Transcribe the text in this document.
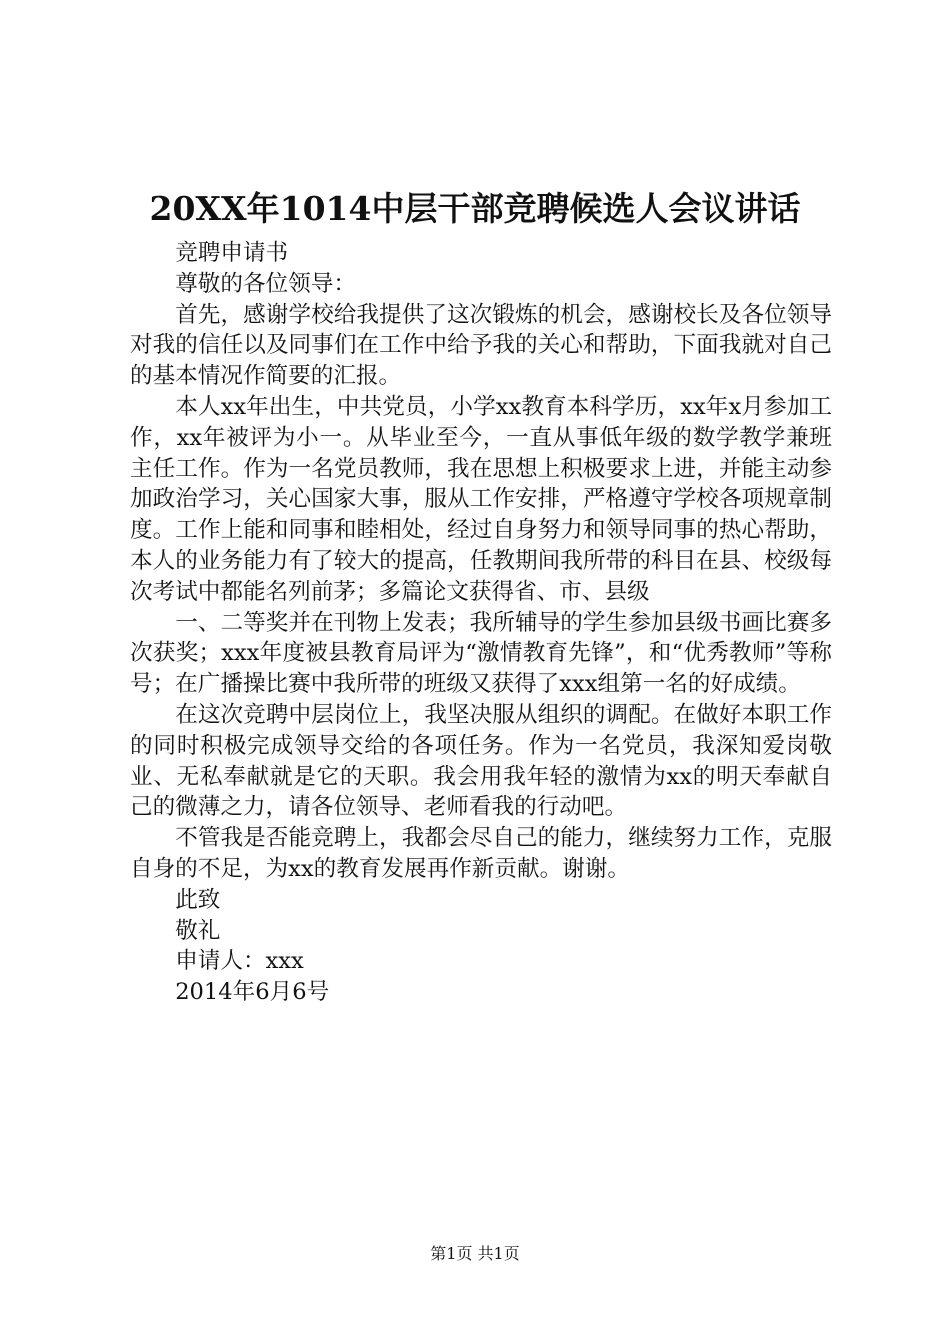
20XX年1014中层干部竞聘候选人会议讲话

竞聘申请书

尊敬的各位领导：

首先，感谢学校给我提供了这次锻炼的机会，感谢校长及各位领导对我的信任以及同事们在工作中给予我的关心和帮助，下面我就对自己的基本情况作简要的汇报。

本人xx年出生，中共党员，小学xx教育本科学历，xx年x月参加工作，xx年被评为小一。从毕业至今，一直从事低年级的数学教学兼班主任工作。作为一名党员教师，我在思想上积极要求上进，并能主动参加政治学习，关心国家大事，服从工作安排，严格遵守学校各项规章制度。工作上能和同事和睦相处，经过自身努力和领导同事的热心帮助，本人的业务能力有了较大的提高，任教期间我所带的科目在县、校级每次考试中都能名列前茅；多篇论文获得省、市、县级

一、二等奖并在刊物上发表；我所辅导的学生参加县级书画比赛多次获奖；xxx年度被县教育局评为“激情教育先锋”，和“优秀教师”等称号；在广播操比赛中我所带的班级又获得了xxx组第一名的好成绩。

在这次竞聘中层岗位上，我坚决服从组织的调配。在做好本职工作的同时积极完成领导交给的各项任务。作为一名党员，我深知爱岗敬业、无私奉献就是它的天职。我会用我年轻的激情为xx的明天奉献自己的微薄之力，请各位领导、老师看我的行动吧。

不管我是否能竞聘上，我都会尽自己的能力，继续努力工作，克服自身的不足，为xx的教育发展再作新贡献。谢谢。

此致

敬礼

申请人：xxx

2014年6月6号

第1页 共1页
